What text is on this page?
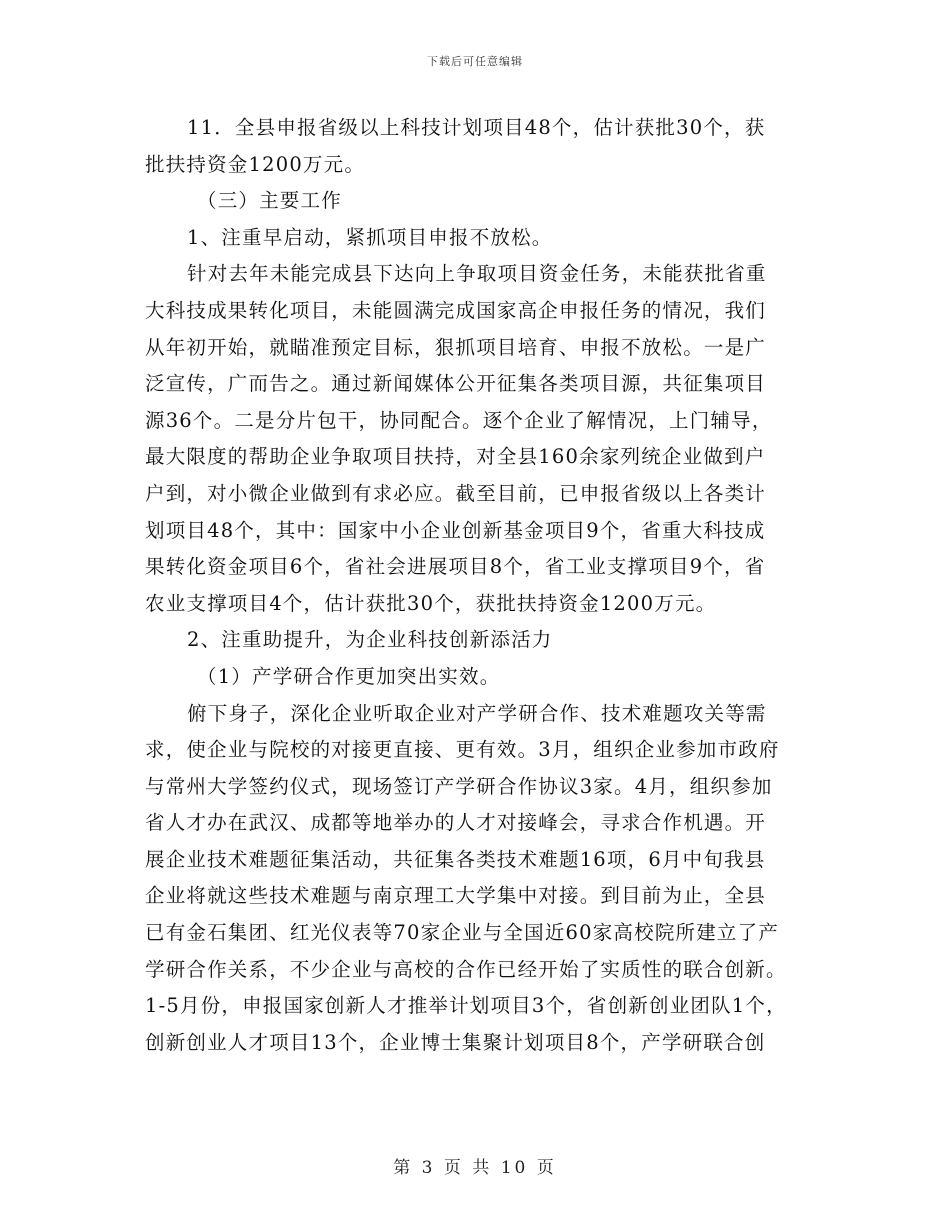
下载后可任意编辑
11．全县申报省级以上科技计划项目48个，估计获批30个，获
批扶持资金1200万元。
（三）主要工作
1、注重早启动，紧抓项目申报不放松。
针对去年未能完成县下达向上争取项目资金任务，未能获批省重
大科技成果转化项目，未能圆满完成国家高企申报任务的情况，我们
从年初开始，就瞄准预定目标，狠抓项目培育、申报不放松。一是广
泛宣传，广而告之。通过新闻媒体公开征集各类项目源，共征集项目
源36个。二是分片包干，协同配合。逐个企业了解情况，上门辅导，
最大限度的帮助企业争取项目扶持，对全县160余家列统企业做到户
户到，对小微企业做到有求必应。截至目前，已申报省级以上各类计
划项目48个，其中：国家中小企业创新基金项目9个，省重大科技成
果转化资金项目6个，省社会进展项目8个，省工业支撑项目9个，省
农业支撑项目4个，估计获批30个，获批扶持资金1200万元。
2、注重助提升，为企业科技创新添活力
（1）产学研合作更加突出实效。
俯下身子，深化企业听取企业对产学研合作、技术难题攻关等需
求，使企业与院校的对接更直接、更有效。3月，组织企业参加市政府
与常州大学签约仪式，现场签订产学研合作协议3家。4月，组织参加
省人才办在武汉、成都等地举办的人才对接峰会，寻求合作机遇。开
展企业技术难题征集活动，共征集各类技术难题16项，6月中旬我县
企业将就这些技术难题与南京理工大学集中对接。到目前为止，全县
已有金石集团、红光仪表等70家企业与全国近60家高校院所建立了产
学研合作关系，不少企业与高校的合作已经开始了实质性的联合创新。
1-5月份，申报国家创新人才推举计划项目3个，省创新创业团队1个，
创新创业人才项目13个，企业博士集聚计划项目8个，产学研联合创
第 3 页 共 10 页
